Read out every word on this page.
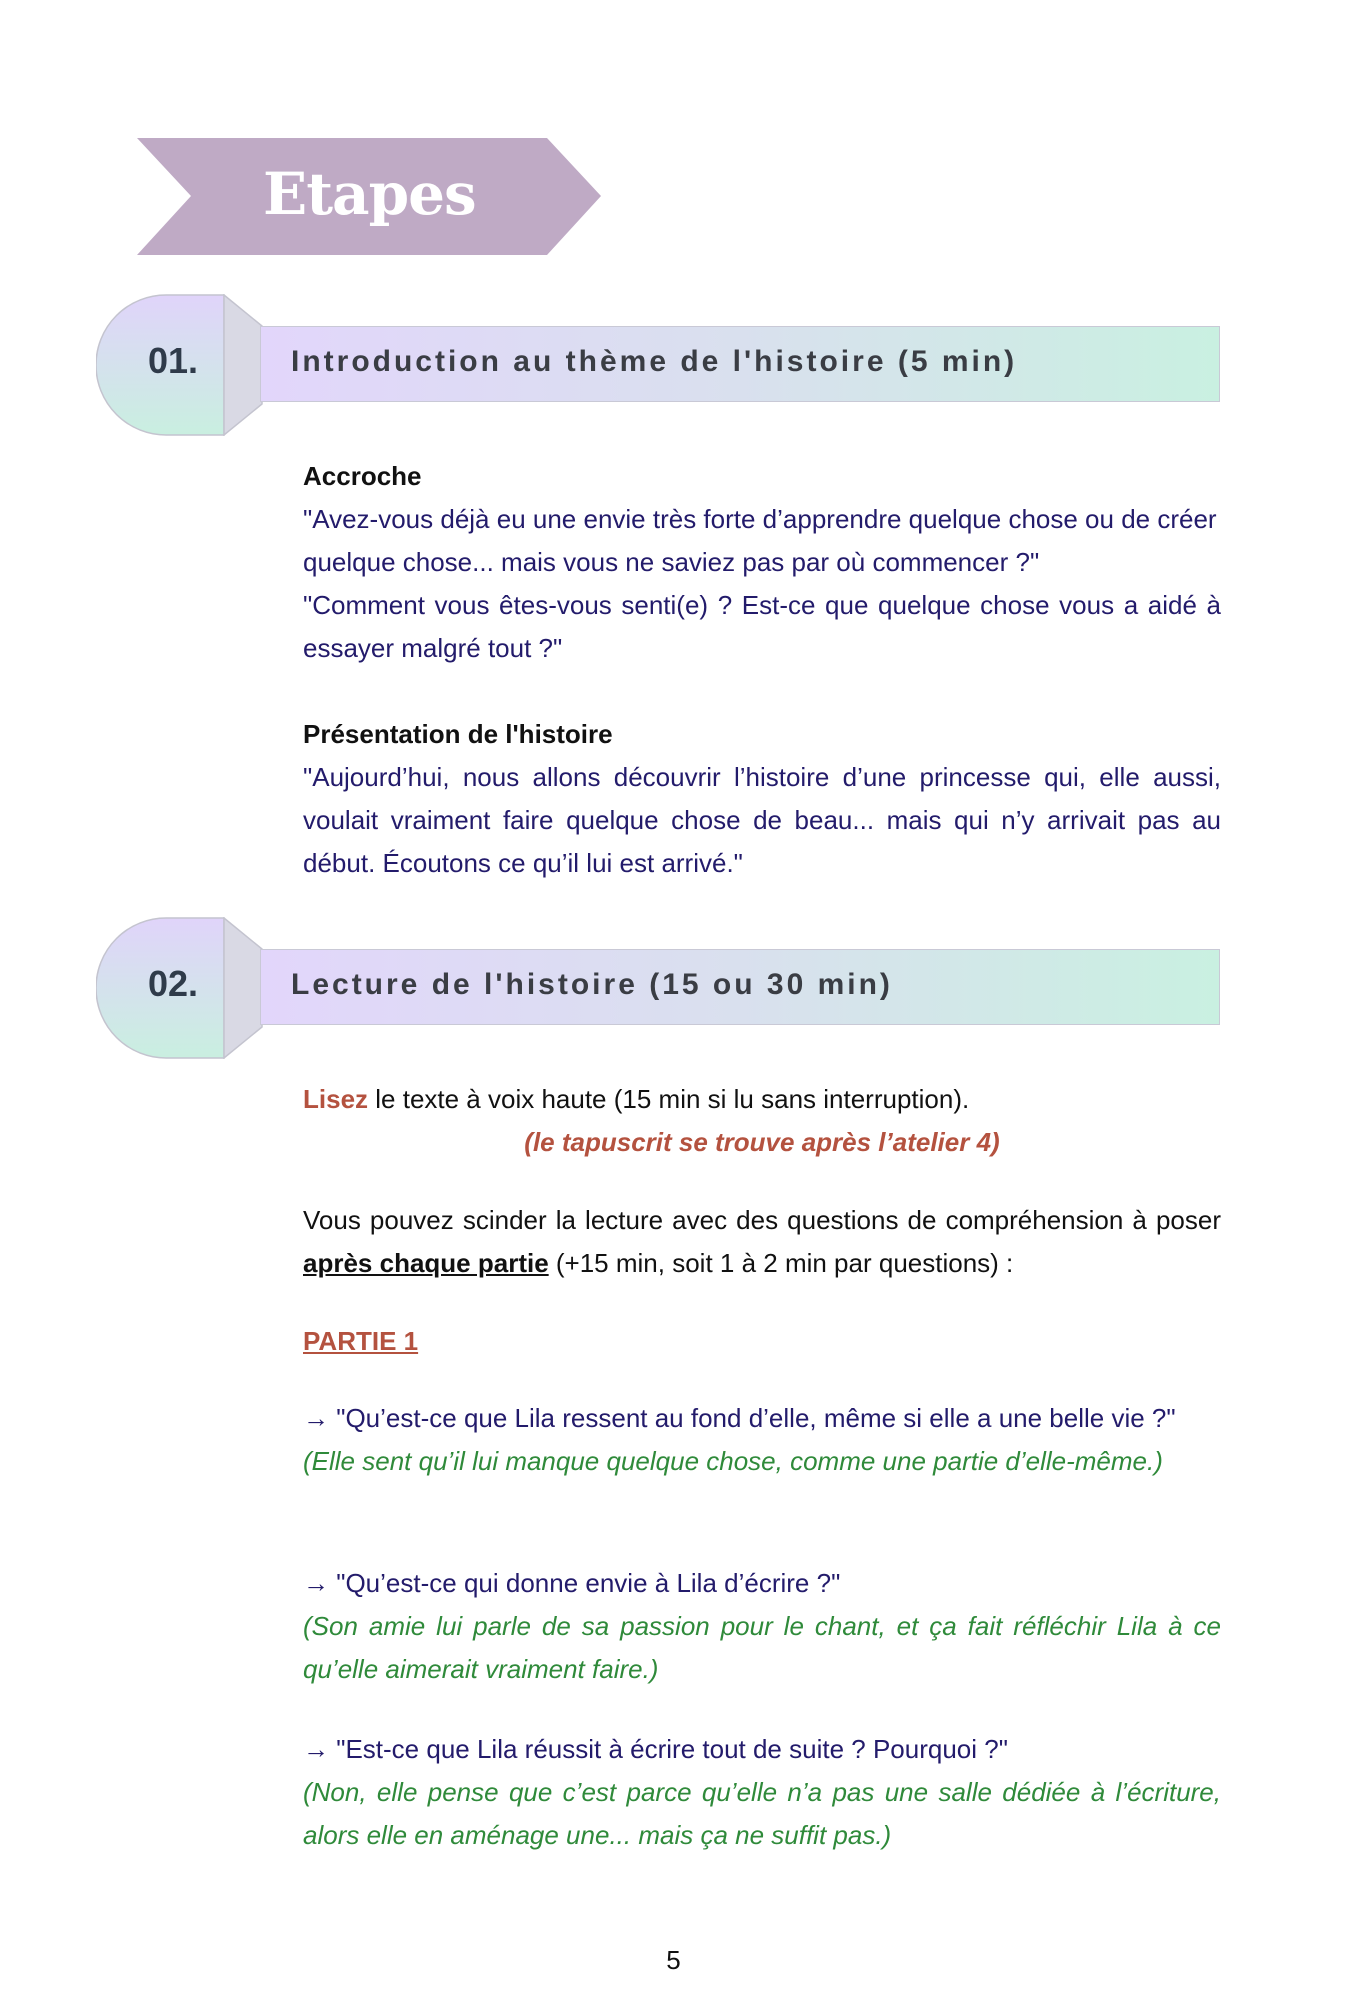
Etapes
01.	Introduction au thème de l'histoire (5 min)
Accroche
"Avez-vous déjà eu une envie très forte d’apprendre quelque chose ou de créer quelque chose... mais vous ne saviez pas par où commencer ?"
"Comment vous êtes-vous senti(e) ? Est-ce que quelque chose vous a aidé à essayer malgré tout ?"
Présentation de l'histoire
"Aujourd’hui, nous allons découvrir l’histoire d’une princesse qui, elle aussi, voulait vraiment faire quelque chose de beau... mais qui n’y arrivait pas au début. Écoutons ce qu’il lui est arrivé."
02.	Lecture de l'histoire (15 ou 30 min)
Lisez le texte à voix haute (15 min si lu sans interruption).
(le tapuscrit se trouve après l’atelier 4)
Vous pouvez scinder la lecture avec des questions de compréhension à poser après chaque partie (+15 min, soit 1 à 2 min par questions) :
PARTIE 1
→ "Qu’est-ce que Lila ressent au fond d’elle, même si elle a une belle vie ?"
(Elle sent qu’il lui manque quelque chose, comme une partie d’elle-même.)
→ "Qu’est-ce qui donne envie à Lila d’écrire ?"
(Son amie lui parle de sa passion pour le chant, et ça fait réfléchir Lila à ce qu’elle aimerait vraiment faire.)
→ "Est-ce que Lila réussit à écrire tout de suite ? Pourquoi ?"
(Non, elle pense que c’est parce qu’elle n’a pas une salle dédiée à l’écriture, alors elle en aménage une... mais ça ne suffit pas.)
5
